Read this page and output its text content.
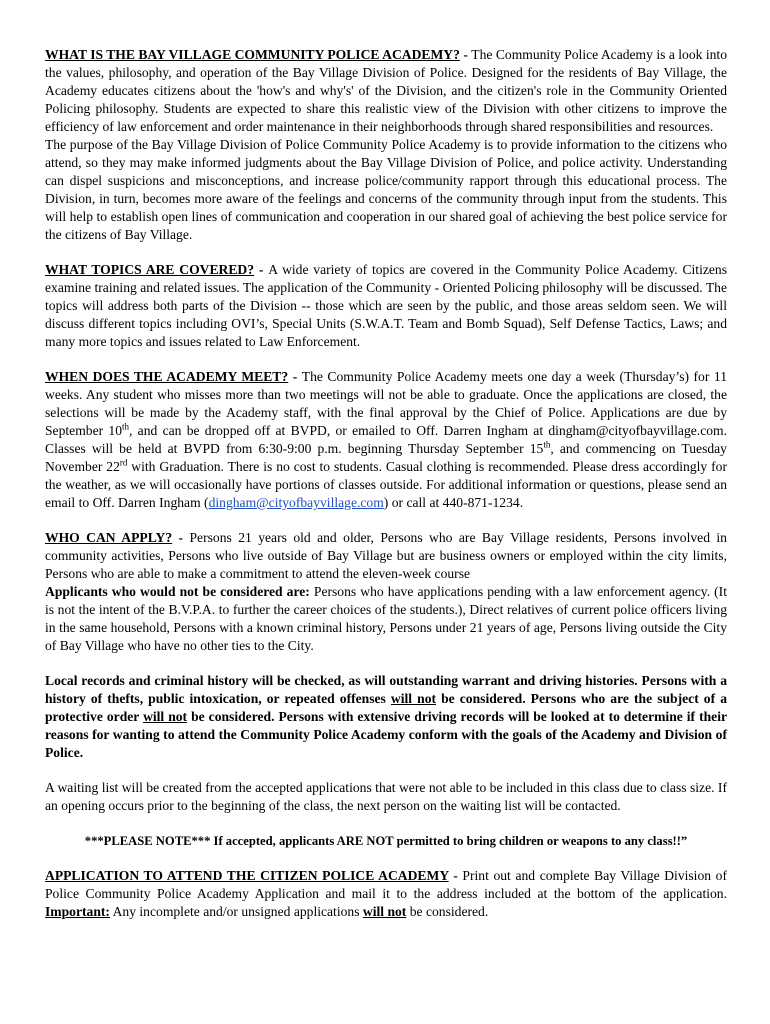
WHAT IS THE BAY VILLAGE COMMUNITY POLICE ACADEMY? - The Community Police Academy is a look into the values, philosophy, and operation of the Bay Village Division of Police. Designed for the residents of Bay Village, the Academy educates citizens about the 'how's and why's' of the Division, and the citizen's role in the Community Oriented Policing philosophy. Students are expected to share this realistic view of the Division with other citizens to improve the efficiency of law enforcement and order maintenance in their neighborhoods through shared responsibilities and resources.

The purpose of the Bay Village Division of Police Community Police Academy is to provide information to the citizens who attend, so they may make informed judgments about the Bay Village Division of Police, and police activity. Understanding can dispel suspicions and misconceptions, and increase police/community rapport through this educational process. The Division, in turn, becomes more aware of the feelings and concerns of the community through input from the students. This will help to establish open lines of communication and cooperation in our shared goal of achieving the best police service for the citizens of Bay Village.

WHAT TOPICS ARE COVERED? - A wide variety of topics are covered in the Community Police Academy. Citizens examine training and related issues. The application of the Community - Oriented Policing philosophy will be discussed. The topics will address both parts of the Division -- those which are seen by the public, and those areas seldom seen. We will discuss different topics including OVI’s, Special Units (S.W.A.T. Team and Bomb Squad), Self Defense Tactics, Laws; and many more topics and issues related to Law Enforcement.

WHEN DOES THE ACADEMY MEET? - The Community Police Academy meets one day a week (Thursday’s) for 11 weeks. Any student who misses more than two meetings will not be able to graduate. Once the applications are closed, the selections will be made by the Academy staff, with the final approval by the Chief of Police. Applications are due by September 10th, and can be dropped off at BVPD, or emailed to Off. Darren Ingham at dingham@cityofbayvillage.com. Classes will be held at BVPD from 6:30-9:00 p.m. beginning Thursday September 15th, and commencing on Tuesday November 22rd with Graduation. There is no cost to students. Casual clothing is recommended. Please dress accordingly for the weather, as we will occasionally have portions of classes outside. For additional information or questions, please send an email to Off. Darren Ingham (dingham@cityofbayvillage.com) or call at 440-871-1234.

WHO CAN APPLY? - Persons 21 years old and older, Persons who are Bay Village residents, Persons involved in community activities, Persons who live outside of Bay Village but are business owners or employed within the city limits, Persons who are able to make a commitment to attend the eleven-week course

Applicants who would not be considered are: Persons who have applications pending with a law enforcement agency. (It is not the intent of the B.V.P.A. to further the career choices of the students.), Direct relatives of current police officers living in the same household, Persons with a known criminal history, Persons under 21 years of age, Persons living outside the City of Bay Village who have no other ties to the City.

Local records and criminal history will be checked, as will outstanding warrant and driving histories. Persons with a history of thefts, public intoxication, or repeated offenses will not be considered. Persons who are the subject of a protective order will not be considered. Persons with extensive driving records will be looked at to determine if their reasons for wanting to attend the Community Police Academy conform with the goals of the Academy and Division of Police.

A waiting list will be created from the accepted applications that were not able to be included in this class due to class size. If an opening occurs prior to the beginning of the class, the next person on the waiting list will be contacted.

***PLEASE NOTE*** If accepted, applicants ARE NOT permitted to bring children or weapons to any class!!”

APPLICATION TO ATTEND THE CITIZEN POLICE ACADEMY - Print out and complete Bay Village Division of Police Community Police Academy Application and mail it to the address included at the bottom of the application. Important: Any incomplete and/or unsigned applications will not be considered.
